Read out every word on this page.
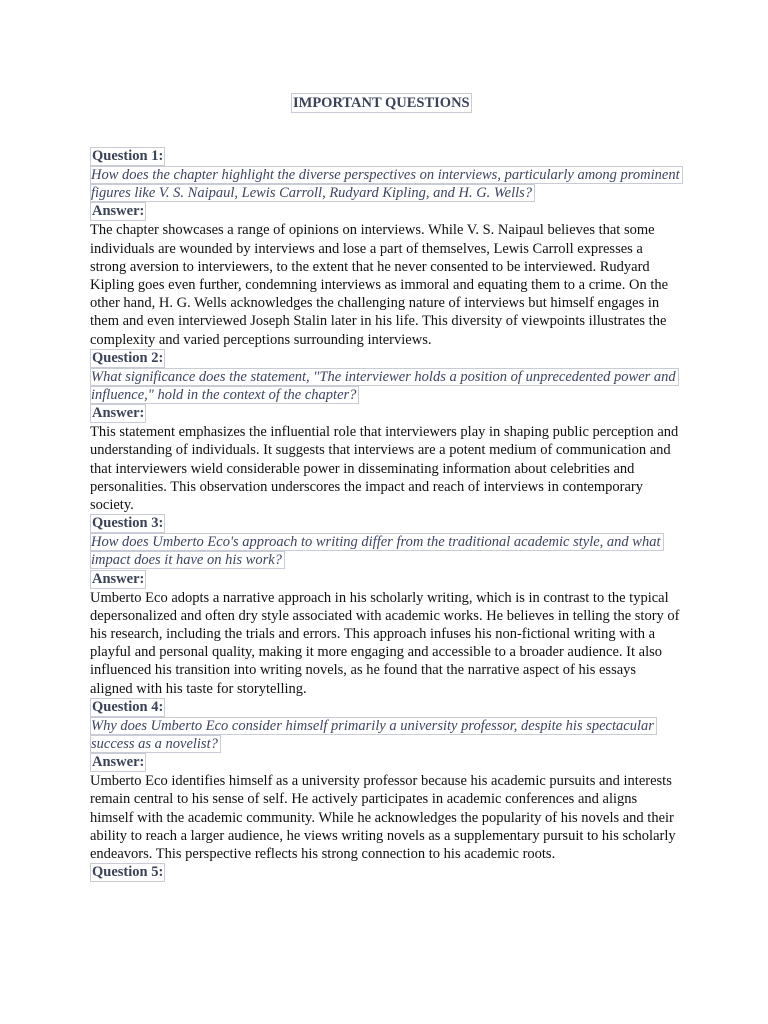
IMPORTANT QUESTIONS
Question 1:
How does the chapter highlight the diverse perspectives on interviews, particularly among prominent figures like V. S. Naipaul, Lewis Carroll, Rudyard Kipling, and H. G. Wells?
Answer:

The chapter showcases a range of opinions on interviews. While V. S. Naipaul believes that some individuals are wounded by interviews and lose a part of themselves, Lewis Carroll expresses a strong aversion to interviewers, to the extent that he never consented to be interviewed. Rudyard Kipling goes even further, condemning interviews as immoral and equating them to a crime. On the other hand, H. G. Wells acknowledges the challenging nature of interviews but himself engages in them and even interviewed Joseph Stalin later in his life. This diversity of viewpoints illustrates the complexity and varied perceptions surrounding interviews.

Question 2:
What significance does the statement, "The interviewer holds a position of unprecedented power and influence," hold in the context of the chapter?
Answer:

This statement emphasizes the influential role that interviewers play in shaping public perception and understanding of individuals. It suggests that interviews are a potent medium of communication and that interviewers wield considerable power in disseminating information about celebrities and personalities. This observation underscores the impact and reach of interviews in contemporary society.

Question 3:
How does Umberto Eco's approach to writing differ from the traditional academic style, and what impact does it have on his work?
Answer:

Umberto Eco adopts a narrative approach in his scholarly writing, which is in contrast to the typical depersonalized and often dry style associated with academic works. He believes in telling the story of his research, including the trials and errors. This approach infuses his non-fictional writing with a playful and personal quality, making it more engaging and accessible to a broader audience. It also influenced his transition into writing novels, as he found that the narrative aspect of his essays aligned with his taste for storytelling.

Question 4:
Why does Umberto Eco consider himself primarily a university professor, despite his spectacular success as a novelist?
Answer:

Umberto Eco identifies himself as a university professor because his academic pursuits and interests remain central to his sense of self. He actively participates in academic conferences and aligns himself with the academic community. While he acknowledges the popularity of his novels and their ability to reach a larger audience, he views writing novels as a supplementary pursuit to his scholarly endeavors. This perspective reflects his strong connection to his academic roots.

Question 5:
